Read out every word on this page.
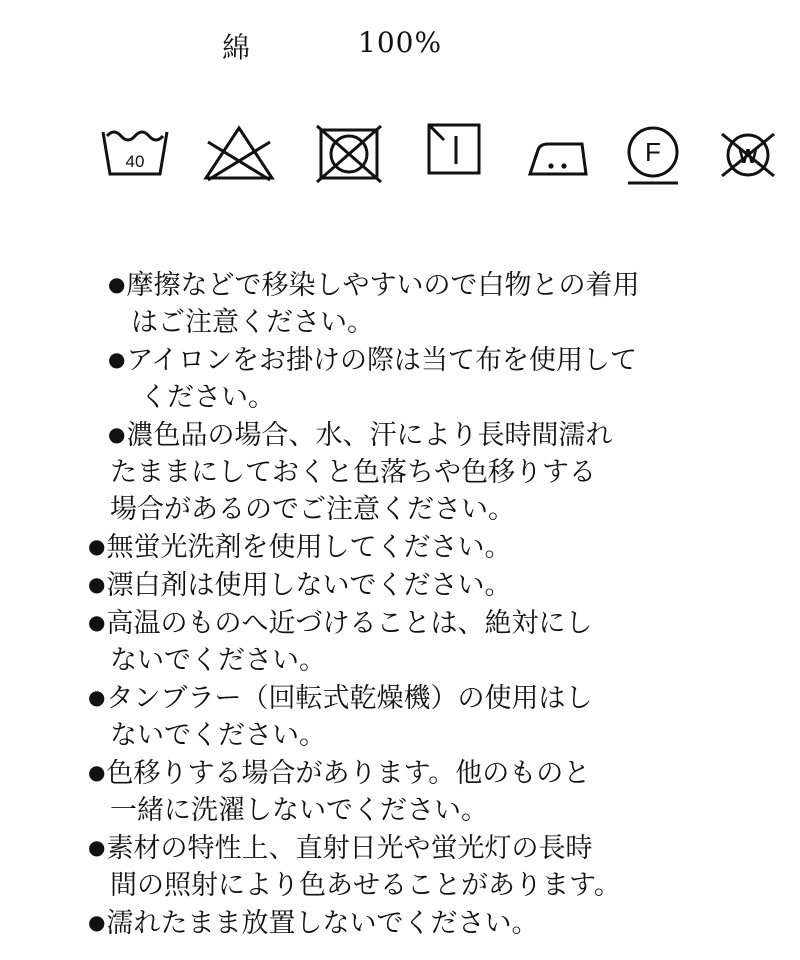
綿	100%
40	F	W
●摩擦などで移染しやすいので白物との着用
はご注意ください。
●アイロンをお掛けの際は当て布を使用して
ください。
●濃色品の場合、水、汗により長時間濡れ
たままにしておくと色落ちや色移りする
場合があるのでご注意ください。
●無蛍光洗剤を使用してください。
●漂白剤は使用しないでください。
●高温のものへ近づけることは、絶対にし
ないでください。
●タンブラー（回転式乾燥機）の使用はし
ないでください。
●色移りする場合があります。他のものと
一緒に洗濯しないでください。
●素材の特性上、直射日光や蛍光灯の長時
間の照射により色あせることがあります。
●濡れたまま放置しないでください。
